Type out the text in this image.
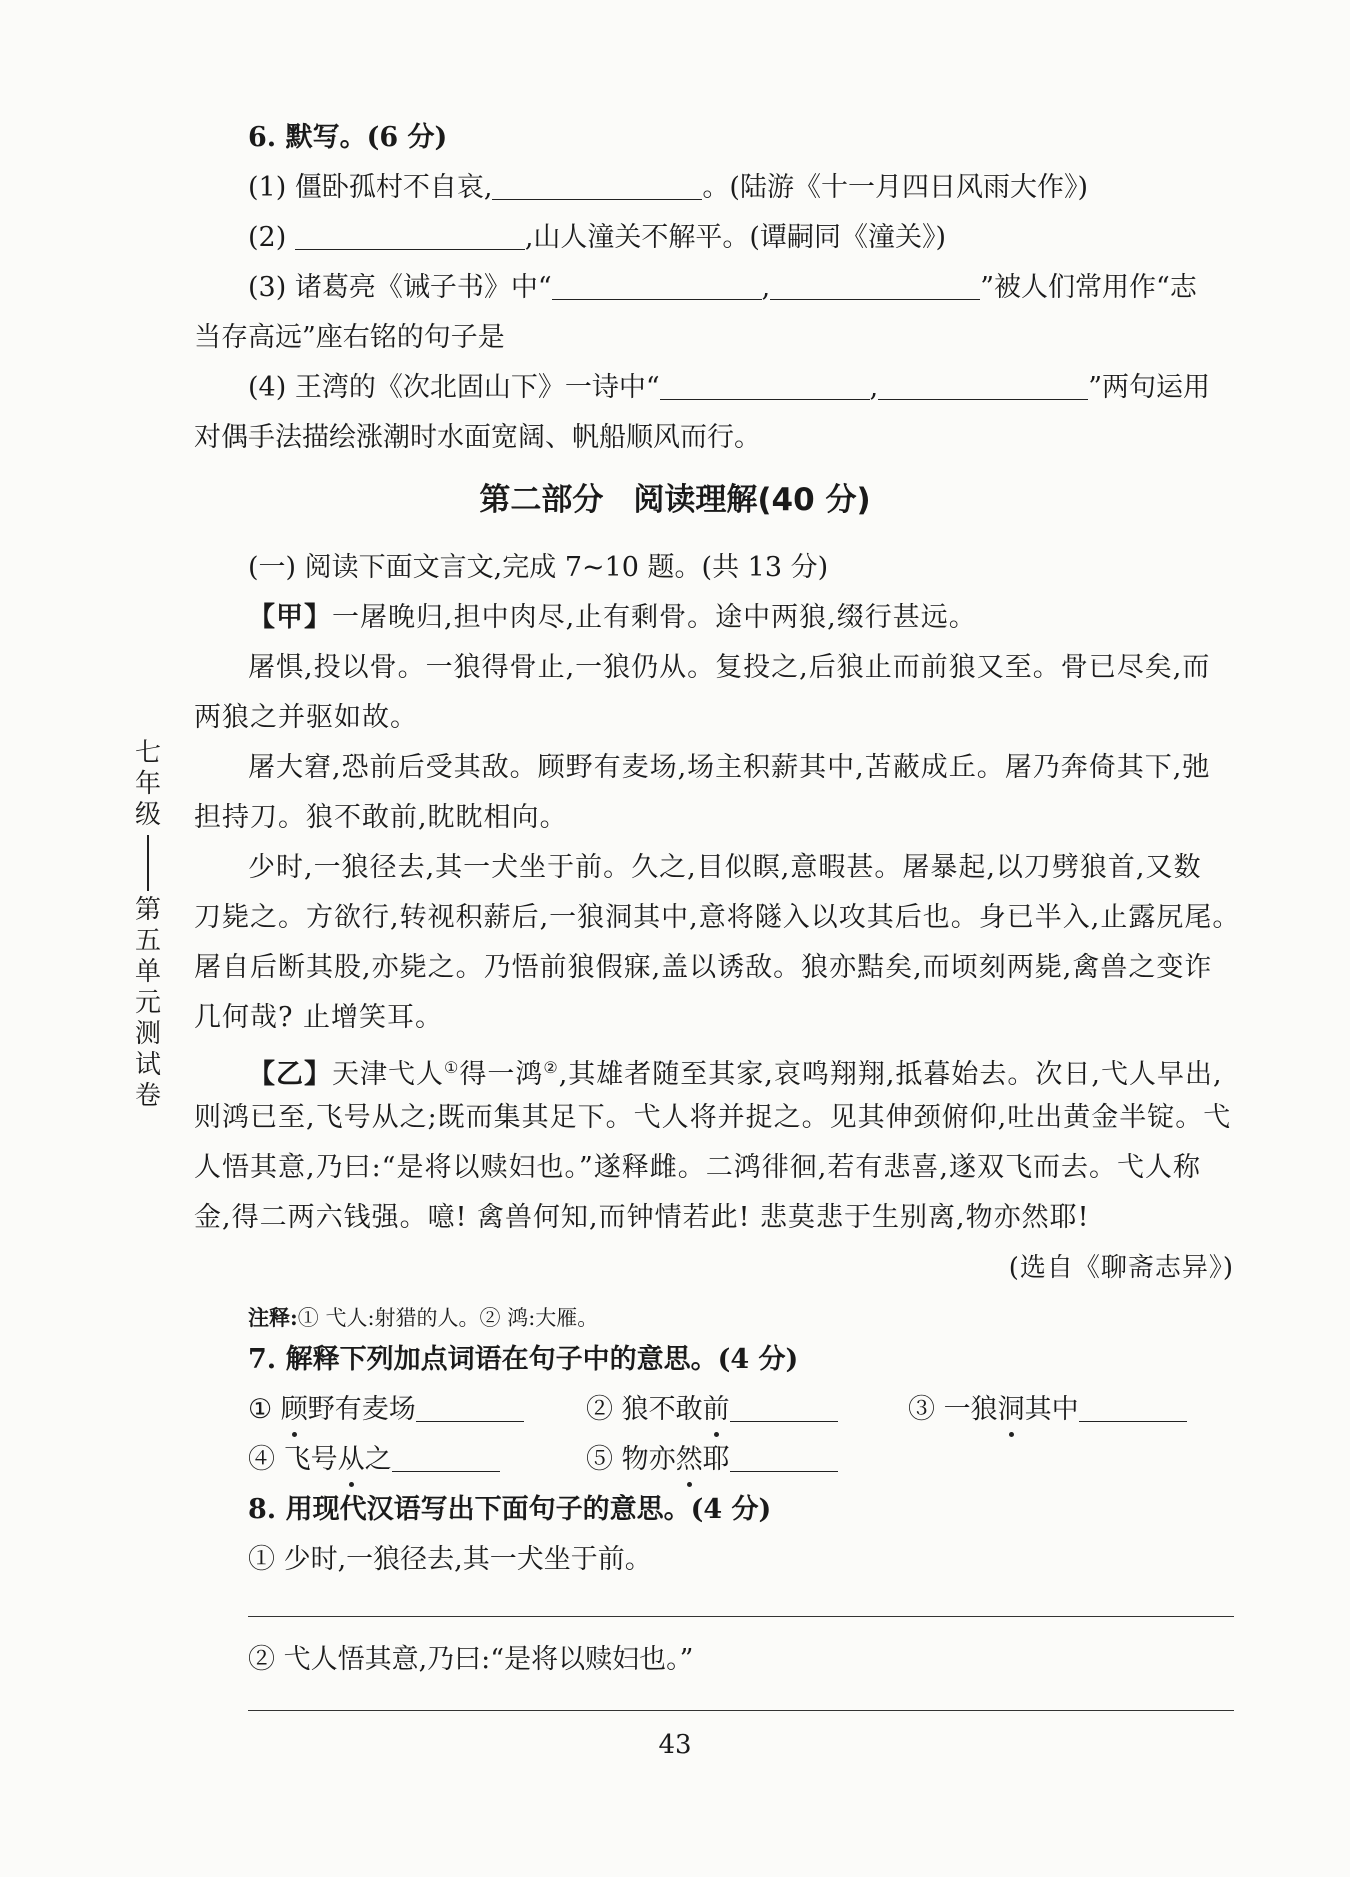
6. 默写。(6 分)
(1) 僵卧孤村不自哀,	。(陆游《十一月四日风雨大作》)
(2)	,山人潼关不解平。(谭嗣同《潼关》)
(3) 诸葛亮《诫子书》中“	,	”被人们常用作“志
当存高远”座右铭的句子是
(4) 王湾的《次北固山下》一诗中“	,	”两句运用
对偶手法描绘涨潮时水面宽阔、帆船顺风而行。
第二部分 阅读理解(40 分)
(一) 阅读下面文言文,完成 7~10 题。(共 13 分)
【甲】一屠晚归,担中肉尽,止有剩骨。途中两狼,缀行甚远。
屠惧,投以骨。一狼得骨止,一狼仍从。复投之,后狼止而前狼又至。骨已尽矣,而
两狼之并驱如故。
屠大窘,恐前后受其敌。顾野有麦场,场主积薪其中,苫蔽成丘。屠乃奔倚其下,弛
担持刀。狼不敢前,眈眈相向。
少时,一狼径去,其一犬坐于前。久之,目似瞑,意暇甚。屠暴起,以刀劈狼首,又数
刀毙之。方欲行,转视积薪后,一狼洞其中,意将隧入以攻其后也。身已半入,止露尻尾。
屠自后断其股,亦毙之。乃悟前狼假寐,盖以诱敌。狼亦黠矣,而顷刻两毙,禽兽之变诈
几何哉? 止增笑耳。
【乙】天津弋人①得一鸿②,其雄者随至其家,哀鸣翔翔,抵暮始去。次日,弋人早出,
则鸿已至,飞号从之;既而集其足下。弋人将并捉之。见其伸颈俯仰,吐出黄金半锭。弋
人悟其意,乃曰:“是将以赎妇也。”遂释雌。二鸿徘徊,若有悲喜,遂双飞而去。弋人称
金,得二两六钱强。噫! 禽兽何知,而钟情若此! 悲莫悲于生别离,物亦然耶!
(选自《聊斋志异》)
注释:① 弋人:射猎的人。② 鸿:大雁。
7. 解释下列加点词语在句子中的意思。(4 分)
① 顾野有麦场	② 狼不敢前	③ 一狼洞其中
④ 飞号从之	⑤ 物亦然耶
8. 用现代汉语写出下面句子的意思。(4 分)
① 少时,一狼径去,其一犬坐于前。
② 弋人悟其意,乃曰:“是将以赎妇也。”
七
年
级
第
五
单
元
测
试
卷
43
